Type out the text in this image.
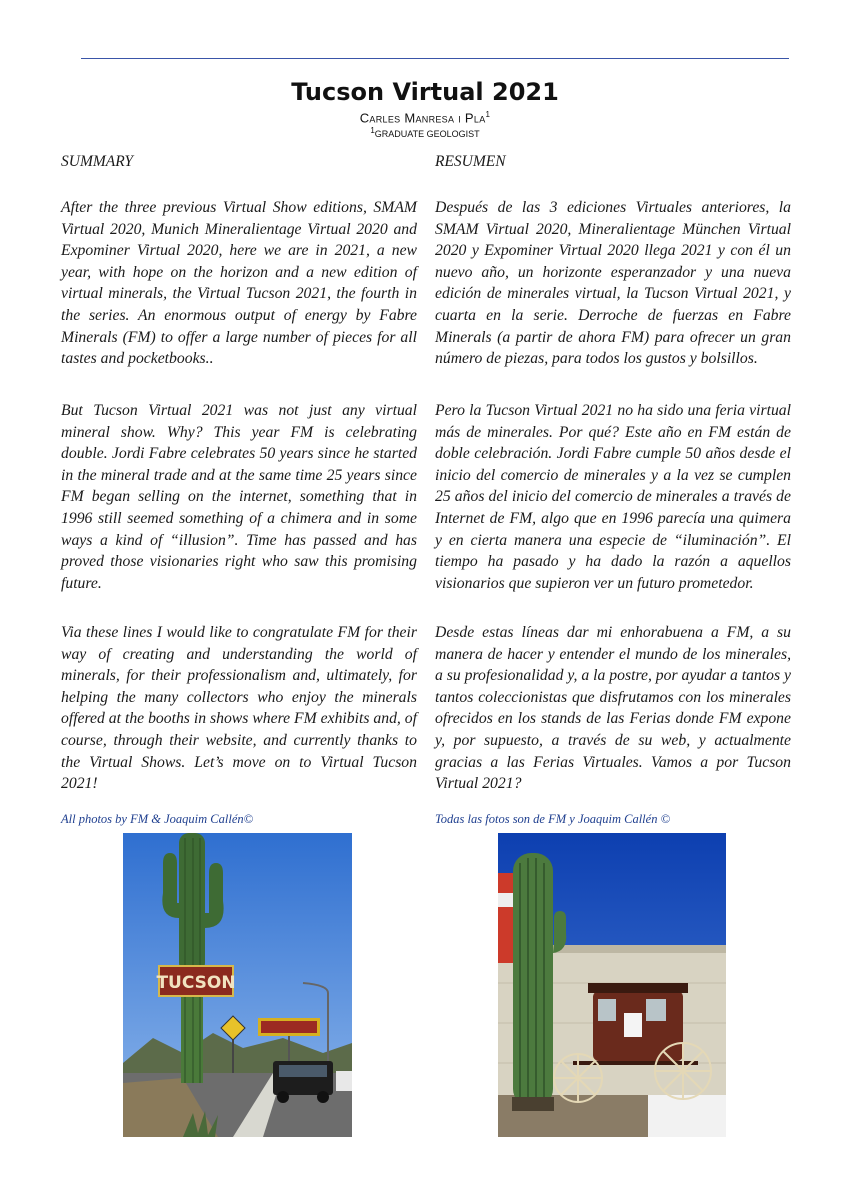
Tucson Virtual 2021
Carles Manresa i Pla$^1$
$^1$GRADUATE GEOLOGIST

SUMMARY

After the three previous Virtual Show editions, SMAM Virtual 2020, Munich Mineralientage Virtual 2020 and Expominer Virtual 2020, here we are in 2021, a new year, with hope on the horizon and a new edition of virtual minerals, the Virtual Tucson 2021, the fourth in the series. An enormous output of energy by Fabre Minerals (FM) to offer a large number of pieces for all tastes and pocketbooks..

But Tucson Virtual 2021 was not just any virtual mineral show. Why? This year FM is celebrating double. Jordi Fabre celebrates 50 years since he started in the mineral trade and at the same time 25 years since FM began selling on the internet, something that in 1996 still seemed something of a chimera and in some ways a kind of “illusion”. Time has passed and has proved those visionaries right who saw this promising future.

Via these lines I would like to congratulate FM for their way of creating and understanding the world of minerals, for their professionalism and, ultimately, for helping the many collectors who enjoy the minerals offered at the booths in shows where FM exhibits and, of course, through their website, and currently thanks to the Virtual Shows. Let’s move on to Virtual Tucson 2021!

All photos by FM & Joaquim Callén©

RESUMEN

Después de las 3 ediciones Virtuales anteriores, la SMAM Virtual 2020, Mineralientage München Virtual 2020 y Expominer Virtual 2020 llega 2021 y con él un nuevo año, un horizonte esperanzador y una nueva edición de minerales virtual, la Tucson Virtual 2021, y cuarta en la serie. Derroche de fuerzas en Fabre Minerals (a partir de ahora FM) para ofrecer un gran número de piezas, para todos los gustos y bolsillos.

Pero la Tucson Virtual 2021 no ha sido una feria virtual más de minerales. Por qué? Este año en FM están de doble celebración. Jordi Fabre cumple 50 años desde el inicio del comercio de minerales y a la vez se cumplen 25 años del inicio del comercio de minerales a través de Internet de FM, algo que en 1996 parecía una quimera y en cierta manera una especie de “iluminación”. El tiempo ha pasado y ha dado la razón a aquellos visionarios que supieron ver un futuro prometedor.

Desde estas líneas dar mi enhorabuena a FM, a su manera de hacer y entender el mundo de los minerales, a su profesionalidad y, a la postre, por ayudar a tantos y tantos coleccionistas que disfrutamos con los minerales ofrecidos en los stands de las Ferias donde FM expone y, por supuesto, a través de su web, y actualmente gracias a las Ferias Virtuales. Vamos a por Tucson Virtual 2021?

Todas las fotos son de FM y Joaquim Callén ©

TUCSON
